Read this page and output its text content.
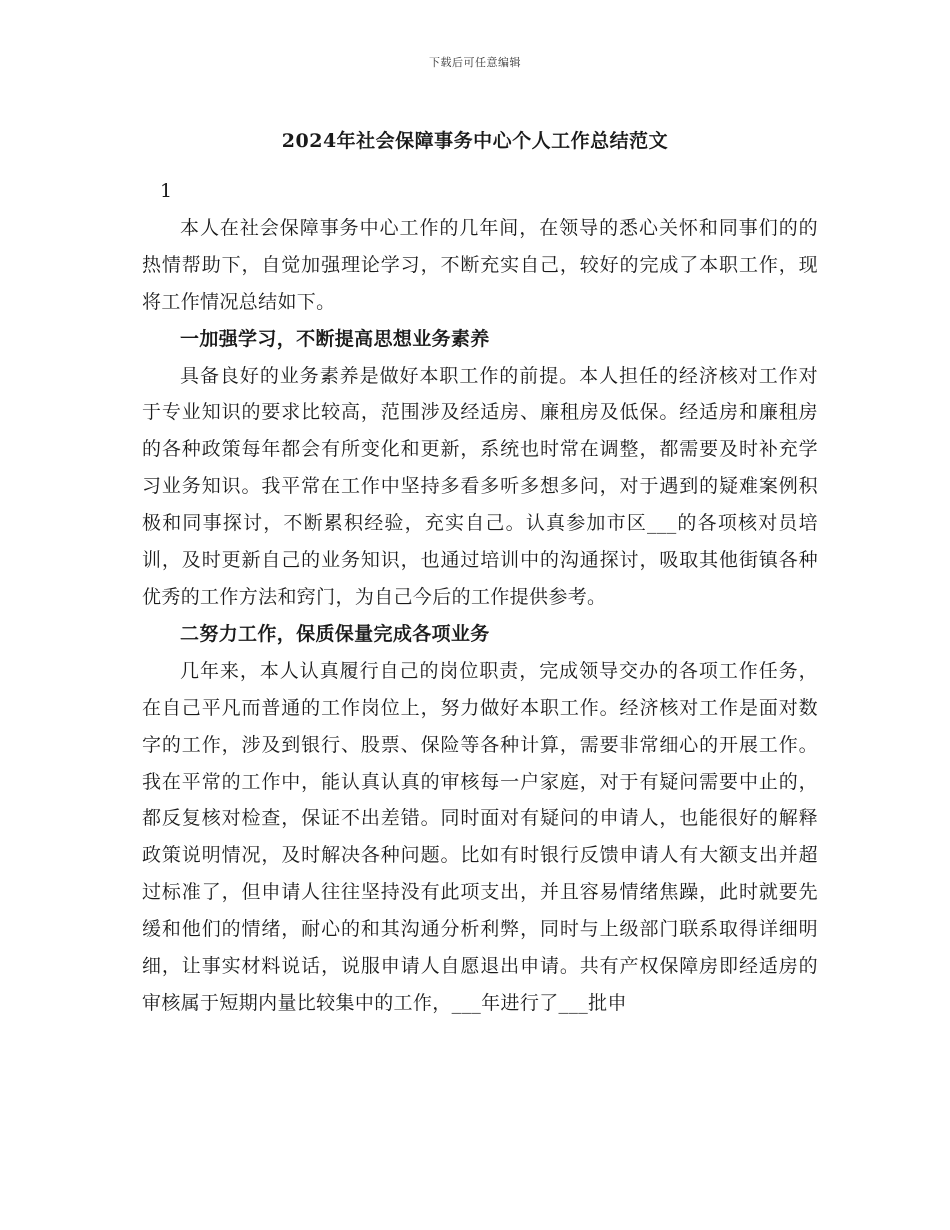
下载后可任意编辑
2024年社会保障事务中心个人工作总结范文

1

本人在社会保障事务中心工作的几年间，在领导的悉心关怀和同事们的的热情帮助下，自觉加强理论学习，不断充实自己，较好的完成了本职工作，现将工作情况总结如下。

一加强学习，不断提高思想业务素养

具备良好的业务素养是做好本职工作的前提。本人担任的经济核对工作对于专业知识的要求比较高，范围涉及经适房、廉租房及低保。经适房和廉租房的各种政策每年都会有所变化和更新，系统也时常在调整，都需要及时补充学习业务知识。我平常在工作中坚持多看多听多想多问，对于遇到的疑难案例积极和同事探讨，不断累积经验，充实自己。认真参加市区___的各项核对员培训，及时更新自己的业务知识，也通过培训中的沟通探讨，吸取其他街镇各种优秀的工作方法和窍门，为自己今后的工作提供参考。

二努力工作，保质保量完成各项业务

几年来，本人认真履行自己的岗位职责，完成领导交办的各项工作任务，在自己平凡而普通的工作岗位上，努力做好本职工作。经济核对工作是面对数字的工作，涉及到银行、股票、保险等各种计算，需要非常细心的开展工作。我在平常的工作中，能认真认真的审核每一户家庭，对于有疑问需要中止的，都反复核对检查，保证不出差错。同时面对有疑问的申请人，也能很好的解释政策说明情况，及时解决各种问题。比如有时银行反馈申请人有大额支出并超过标准了，但申请人往往坚持没有此项支出，并且容易情绪焦躁，此时就要先缓和他们的情绪，耐心的和其沟通分析利弊，同时与上级部门联系取得详细明细，让事实材料说话，说服申请人自愿退出申请。共有产权保障房即经适房的审核属于短期内量比较集中的工作，___年进行了___批申
